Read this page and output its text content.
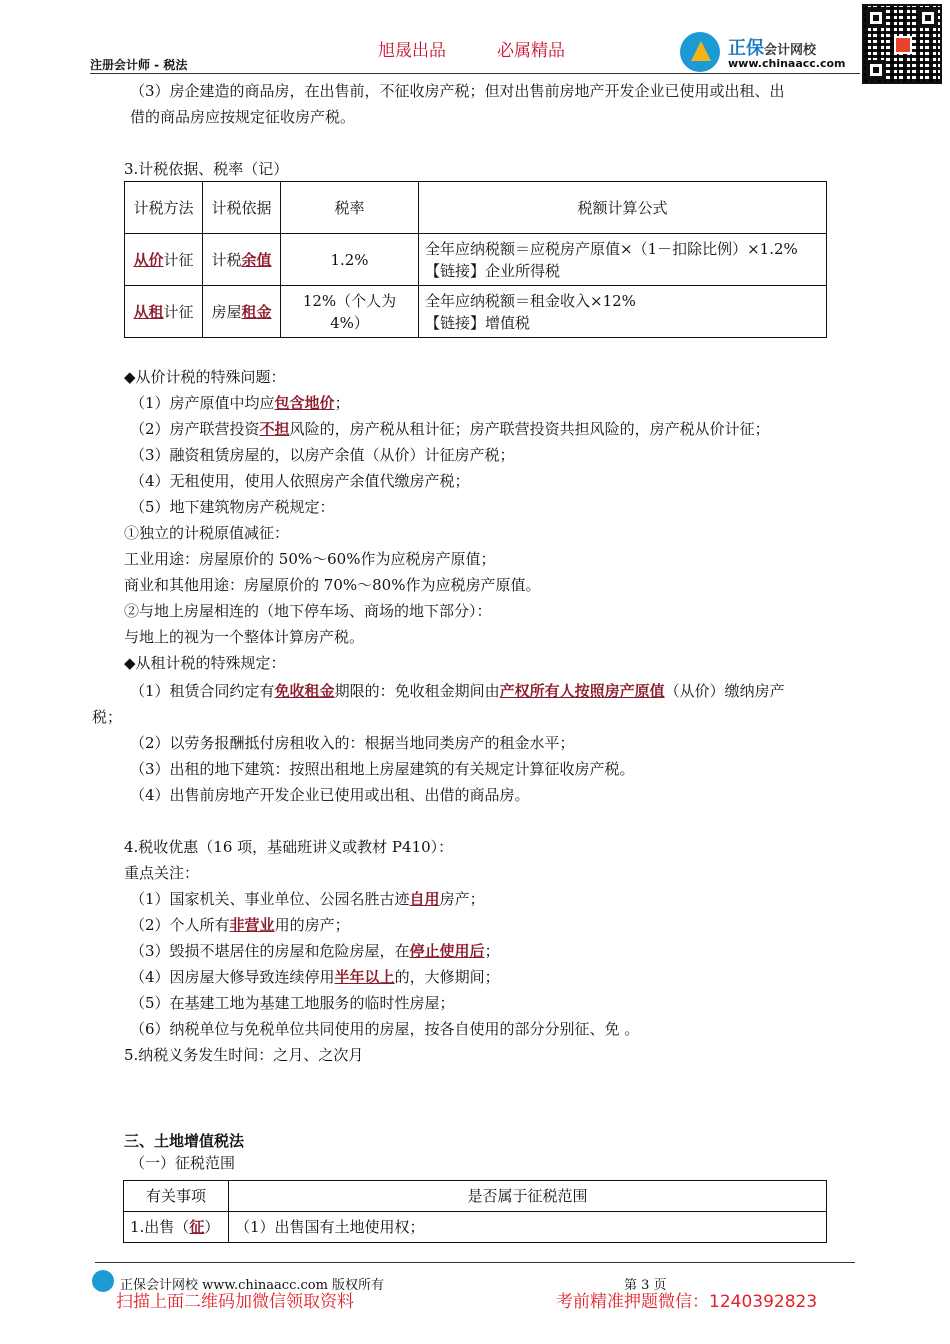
旭晟出品	必属精品
注册会计师 - 税法
正保会计网校
www.chinaacc.com
（3）房企建造的商品房，在出售前，不征收房产税；但对出售前房地产开发企业已使用或出租、出
借的商品房应按规定征收房产税。
3.计税依据、税率（记）
计税方法	计税依据	税率	税额计算公式
从价计征	计税余值	1.2%	全年应纳税额＝应税房产原值×（1－扣除比例）×1.2%
【链接】企业所得税

从租计征	房屋租金	12%（个人为 4%）	全年应纳税额＝租金收入×12%
【链接】增值税
◆从价计税的特殊问题：
（1）房产原值中均应包含地价；
（2）房产联营投资不担风险的，房产税从租计征；房产联营投资共担风险的，房产税从价计征；
（3）融资租赁房屋的，以房产余值（从价）计征房产税；
（4）无租使用，使用人依照房产余值代缴房产税；
（5）地下建筑物房产税规定：
①独立的计税原值减征：
工业用途：房屋原价的 50%～60%作为应税房产原值；
商业和其他用途：房屋原价的 70%～80%作为应税房产原值。
②与地上房屋相连的（地下停车场、商场的地下部分）：
与地上的视为一个整体计算房产税。
◆从租计税的特殊规定：
（1）租赁合同约定有免收租金期限的：免收租金期间由产权所有人按照房产原值（从价）缴纳房产
税；
（2）以劳务报酬抵付房租收入的：根据当地同类房产的租金水平；
（3）出租的地下建筑：按照出租地上房屋建筑的有关规定计算征收房产税。
（4）出售前房地产开发企业已使用或出租、出借的商品房。
4.税收优惠（16 项，基础班讲义或教材 P410）：
重点关注：
（1）国家机关、事业单位、公园名胜古迹自用房产；
（2）个人所有非营业用的房产；
（3）毁损不堪居住的房屋和危险房屋，在停止使用后；
（4）因房屋大修导致连续停用半年以上的，大修期间；
（5）在基建工地为基建工地服务的临时性房屋；
（6）纳税单位与免税单位共同使用的房屋，按各自使用的部分分别征、免 。
5.纳税义务发生时间：之月、之次月
三、土地增值税法
（一）征税范围
有关事项	是否属于征税范围
1.出售（征）	（1）出售国有土地使用权；
正保会计网校 www.chinaacc.com 版权所有	第 3 页
扫描上面二维码加微信领取资料	考前精准押题微信：1240392823
